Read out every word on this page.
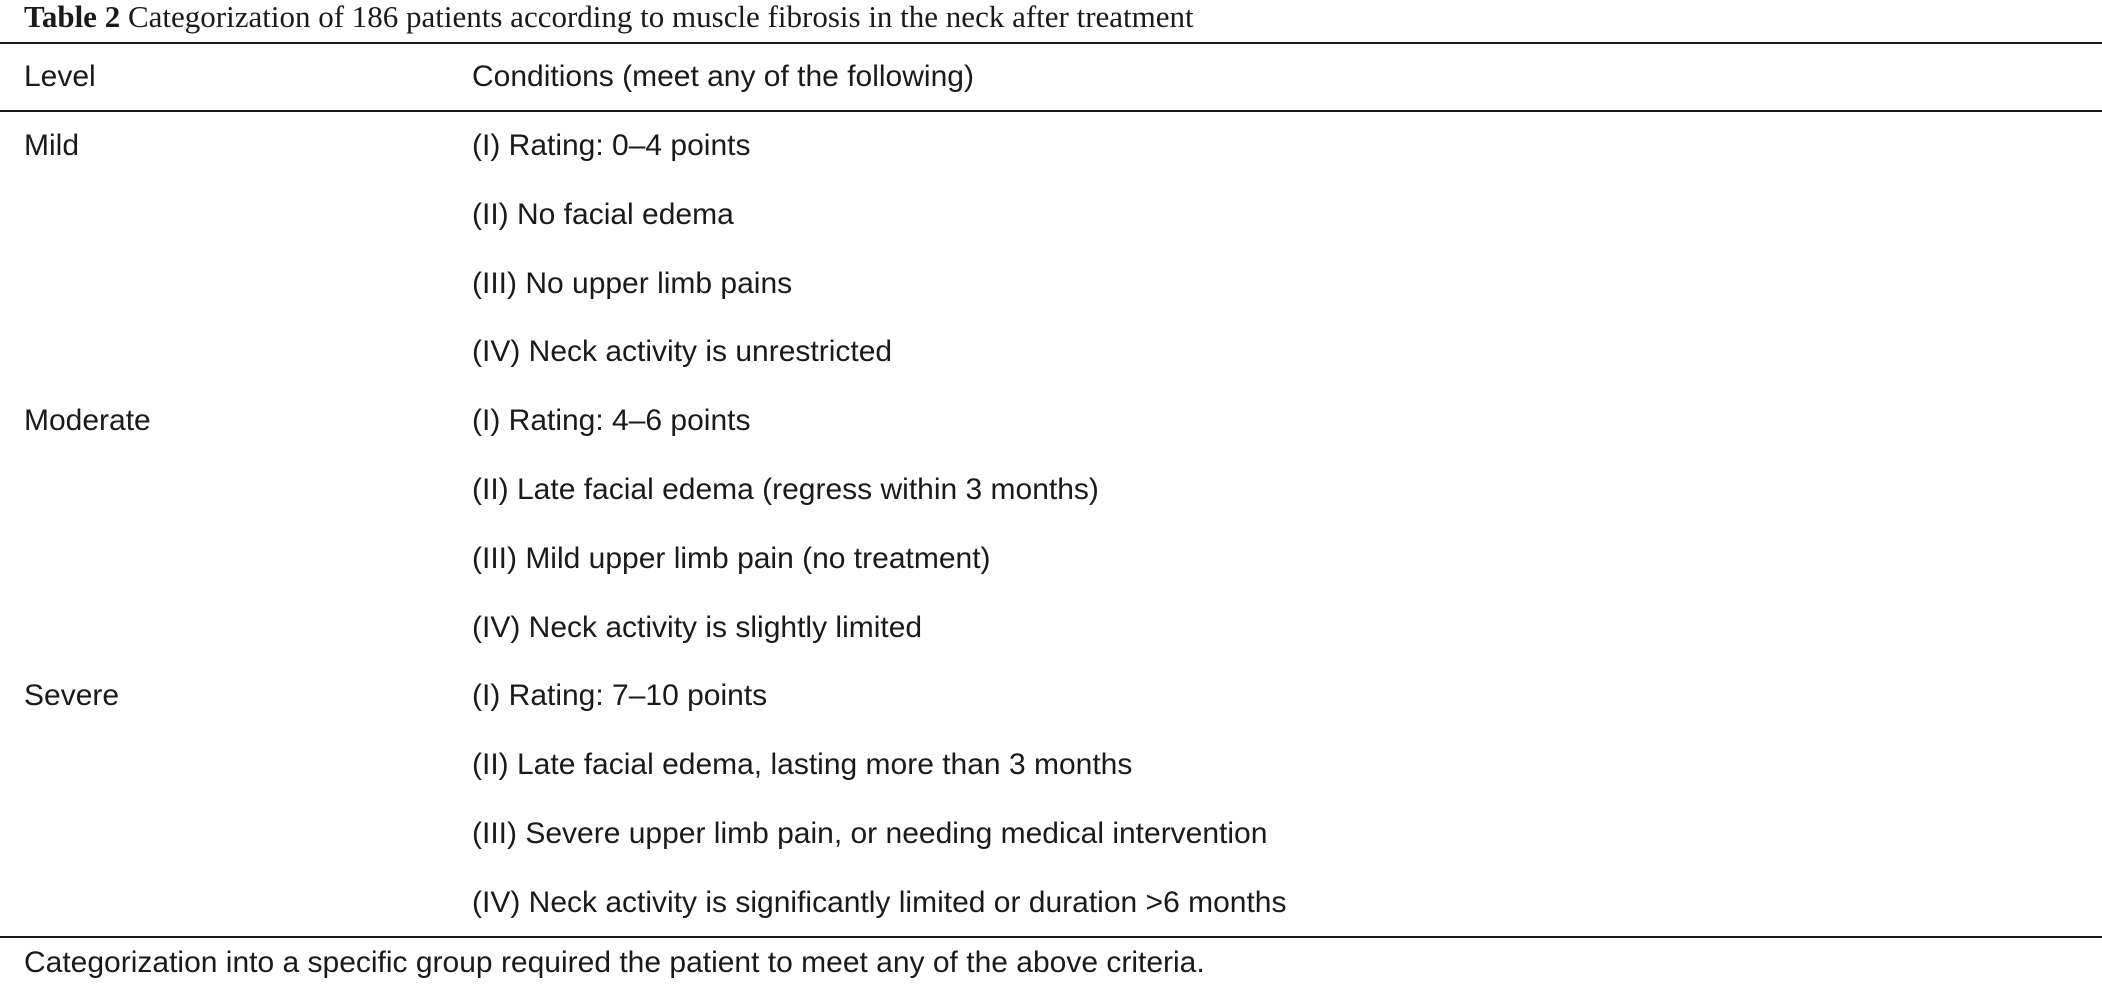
Table 2 Categorization of 186 patients according to muscle fibrosis in the neck after treatment
Level	Conditions (meet any of the following)
Mild	(I) Rating: 0–4 points
(II) No facial edema
(III) No upper limb pains
(IV) Neck activity is unrestricted
Moderate	(I) Rating: 4–6 points
(II) Late facial edema (regress within 3 months)
(III) Mild upper limb pain (no treatment)
(IV) Neck activity is slightly limited
Severe	(I) Rating: 7–10 points
(II) Late facial edema, lasting more than 3 months
(III) Severe upper limb pain, or needing medical intervention
(IV) Neck activity is significantly limited or duration >6 months
Categorization into a specific group required the patient to meet any of the above criteria.
